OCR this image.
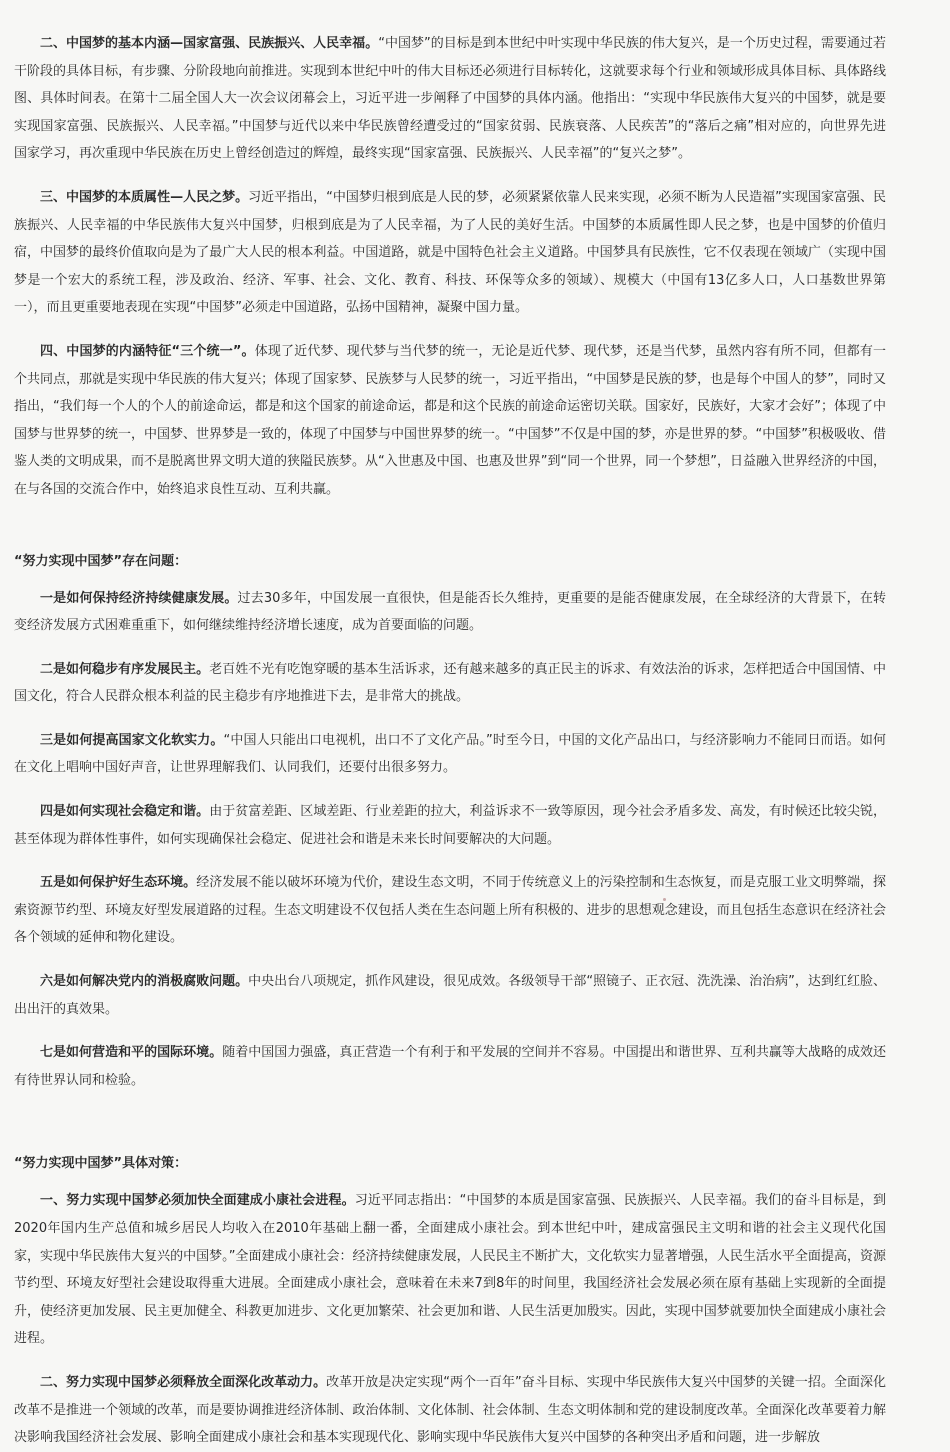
二、中国梦的基本内涵—国家富强、民族振兴、人民幸福。“中国梦”的目标是到本世纪中叶实现中华民族的伟大复兴，是一个历史过程，需要通过若干阶段的具体目标，有步骤、分阶段地向前推进。实现到本世纪中叶的伟大目标还必须进行目标转化，这就要求每个行业和领域形成具体目标、具体路线图、具体时间表。在第十二届全国人大一次会议闭幕会上，习近平进一步阐释了中国梦的具体内涵。他指出：“实现中华民族伟大复兴的中国梦，就是要实现国家富强、民族振兴、人民幸福。”中国梦与近代以来中华民族曾经遭受过的“国家贫弱、民族衰落、人民疾苦”的“落后之痛”相对应的，向世界先进国家学习，再次重现中华民族在历史上曾经创造过的辉煌，最终实现“国家富强、民族振兴、人民幸福”的“复兴之梦”。

三、中国梦的本质属性—人民之梦。习近平指出，“中国梦归根到底是人民的梦，必须紧紧依靠人民来实现，必须不断为人民造福”实现国家富强、民族振兴、人民幸福的中华民族伟大复兴中国梦，归根到底是为了人民幸福，为了人民的美好生活。中国梦的本质属性即人民之梦，也是中国梦的价值归宿，中国梦的最终价值取向是为了最广大人民的根本利益。中国道路，就是中国特色社会主义道路。中国梦具有民族性，它不仅表现在领域广（实现中国梦是一个宏大的系统工程，涉及政治、经济、军事、社会、文化、教育、科技、环保等众多的领域）、规模大（中国有13亿多人口，人口基数世界第一），而且更重要地表现在实现“中国梦”必须走中国道路，弘扬中国精神，凝聚中国力量。

四、中国梦的内涵特征“三个统一”。体现了近代梦、现代梦与当代梦的统一，无论是近代梦、现代梦，还是当代梦，虽然内容有所不同，但都有一个共同点，那就是实现中华民族的伟大复兴；体现了国家梦、民族梦与人民梦的统一，习近平指出，“中国梦是民族的梦，也是每个中国人的梦”，同时又指出，“我们每一个人的个人的前途命运，都是和这个国家的前途命运，都是和这个民族的前途命运密切关联。国家好，民族好，大家才会好”；体现了中国梦与世界梦的统一，中国梦、世界梦是一致的，体现了中国梦与中国世界梦的统一。“中国梦”不仅是中国的梦，亦是世界的梦。“中国梦”积极吸收、借鉴人类的文明成果，而不是脱离世界文明大道的狭隘民族梦。从“入世惠及中国、也惠及世界”到“同一个世界，同一个梦想”，日益融入世界经济的中国，在与各国的交流合作中，始终追求良性互动、互利共赢。

“努力实现中国梦”存在问题：

一是如何保持经济持续健康发展。过去30多年，中国发展一直很快，但是能否长久维持，更重要的是能否健康发展，在全球经济的大背景下，在转变经济发展方式困难重重下，如何继续维持经济增长速度，成为首要面临的问题。

二是如何稳步有序发展民主。老百姓不光有吃饱穿暖的基本生活诉求，还有越来越多的真正民主的诉求、有效法治的诉求，怎样把适合中国国情、中国文化，符合人民群众根本利益的民主稳步有序地推进下去，是非常大的挑战。

三是如何提高国家文化软实力。“中国人只能出口电视机，出口不了文化产品。”时至今日，中国的文化产品出口，与经济影响力不能同日而语。如何在文化上唱响中国好声音，让世界理解我们、认同我们，还要付出很多努力。

四是如何实现社会稳定和谐。由于贫富差距、区域差距、行业差距的拉大，利益诉求不一致等原因，现今社会矛盾多发、高发，有时候还比较尖锐，甚至体现为群体性事件，如何实现确保社会稳定、促进社会和谐是未来长时间要解决的大问题。

五是如何保护好生态环境。经济发展不能以破坏环境为代价，建设生态文明，不同于传统意义上的污染控制和生态恢复，而是克服工业文明弊端，探索资源节约型、环境友好型发展道路的过程。生态文明建设不仅包括人类在生态问题上所有积极的、进步的思想观念建设，而且包括生态意识在经济社会各个领域的延伸和物化建设。

六是如何解决党内的消极腐败问题。中央出台八项规定，抓作风建设，很见成效。各级领导干部“照镜子、正衣冠、洗洗澡、治治病”，达到红红脸、出出汗的真效果。

七是如何营造和平的国际环境。随着中国国力强盛，真正营造一个有利于和平发展的空间并不容易。中国提出和谐世界、互利共赢等大战略的成效还有待世界认同和检验。

“努力实现中国梦”具体对策：

一、努力实现中国梦必须加快全面建成小康社会进程。习近平同志指出：“中国梦的本质是国家富强、民族振兴、人民幸福。我们的奋斗目标是，到2020年国内生产总值和城乡居民人均收入在2010年基础上翻一番，全面建成小康社会。到本世纪中叶，建成富强民主文明和谐的社会主义现代化国家，实现中华民族伟大复兴的中国梦。”全面建成小康社会：经济持续健康发展，人民民主不断扩大，文化软实力显著增强，人民生活水平全面提高，资源节约型、环境友好型社会建设取得重大进展。全面建成小康社会，意味着在未来7到8年的时间里，我国经济社会发展必须在原有基础上实现新的全面提升，使经济更加发展、民主更加健全、科教更加进步、文化更加繁荣、社会更加和谐、人民生活更加殷实。因此，实现中国梦就要加快全面建成小康社会进程。

二、努力实现中国梦必须释放全面深化改革动力。改革开放是决定实现“两个一百年”奋斗目标、实现中华民族伟大复兴中国梦的关键一招。全面深化改革不是推进一个领域的改革，而是要协调推进经济体制、政治体制、文化体制、社会体制、生态文明体制和党的建设制度改革。全面深化改革要着力解决影响我国经济社会发展、影响全面建成小康社会和基本实现现代化、影响实现中华民族伟大复兴中国梦的各种突出矛盾和问题，进一步解放
